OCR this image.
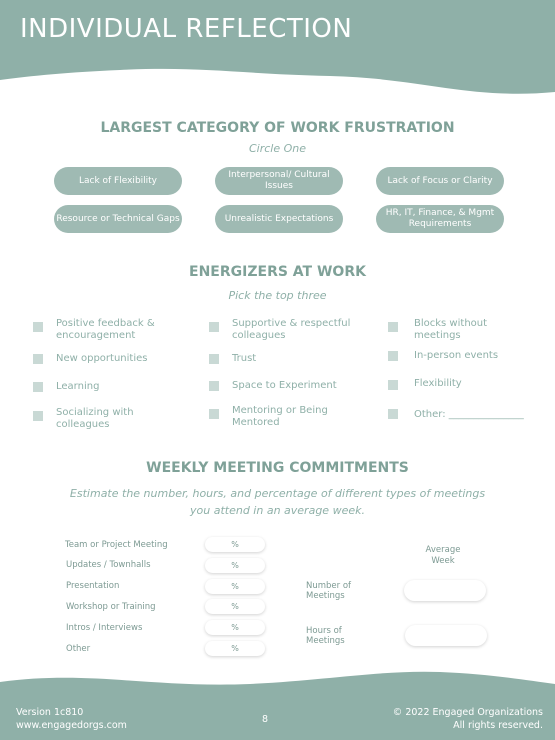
INDIVIDUAL REFLECTION
LARGEST CATEGORY OF WORK FRUSTRATION
Circle One
Lack of Flexibility
Interpersonal/ Cultural Issues
Lack of Focus or Clarity
Resource or Technical Gaps	Unrealistic Expectations
HR, IT, Finance, & Mgmt Requirements
ENERGIZERS AT WORK
Pick the top three
Positive feedback & encouragement
Supportive & respectful colleagues
Blocks without meetings
New opportunities	Trust	In-person events
Learning	Space to Experiment	Flexibility
Socializing with colleagues
Mentoring or Being Mentored
Other: _______________
WEEKLY MEETING COMMITMENTS
Estimate the number, hours, and percentage of different types of meetings
you attend in an average week.
Team or Project Meeting	%
Updates / Townhalls	%
Presentation	%
Workshop or Training	%
Intros / Interviews	%
Other	%
Average Week
Number of Meetings
Hours of Meetings
Version 1c810
www.engagedorgs.com
8
© 2022 Engaged Organizations
All rights reserved.
